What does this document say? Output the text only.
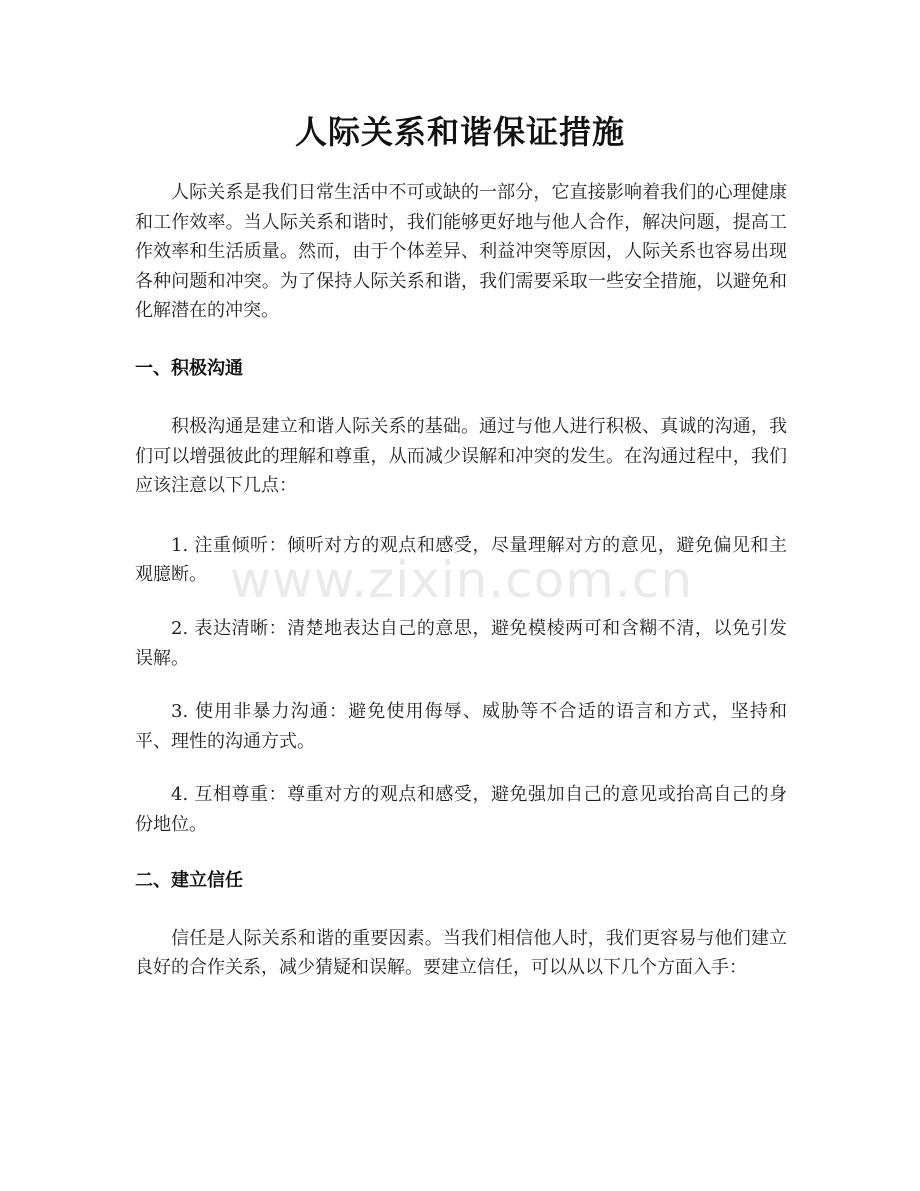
人际关系和谐保证措施

人际关系是我们日常生活中不可或缺的一部分，它直接影响着我们的心理健康和工作效率。当人际关系和谐时，我们能够更好地与他人合作，解决问题，提高工作效率和生活质量。然而，由于个体差异、利益冲突等原因，人际关系也容易出现各种问题和冲突。为了保持人际关系和谐，我们需要采取一些安全措施，以避免和化解潜在的冲突。

一、积极沟通

积极沟通是建立和谐人际关系的基础。通过与他人进行积极、真诚的沟通，我们可以增强彼此的理解和尊重，从而减少误解和冲突的发生。在沟通过程中，我们应该注意以下几点：

1. 注重倾听：倾听对方的观点和感受，尽量理解对方的意见，避免偏见和主观臆断。

2. 表达清晰：清楚地表达自己的意思，避免模棱两可和含糊不清，以免引发误解。

3. 使用非暴力沟通：避免使用侮辱、威胁等不合适的语言和方式，坚持和平、理性的沟通方式。

4. 互相尊重：尊重对方的观点和感受，避免强加自己的意见或抬高自己的身份地位。

二、建立信任

信任是人际关系和谐的重要因素。当我们相信他人时，我们更容易与他们建立良好的合作关系，减少猜疑和误解。要建立信任，可以从以下几个方面入手：

www.zixin.com.cn
